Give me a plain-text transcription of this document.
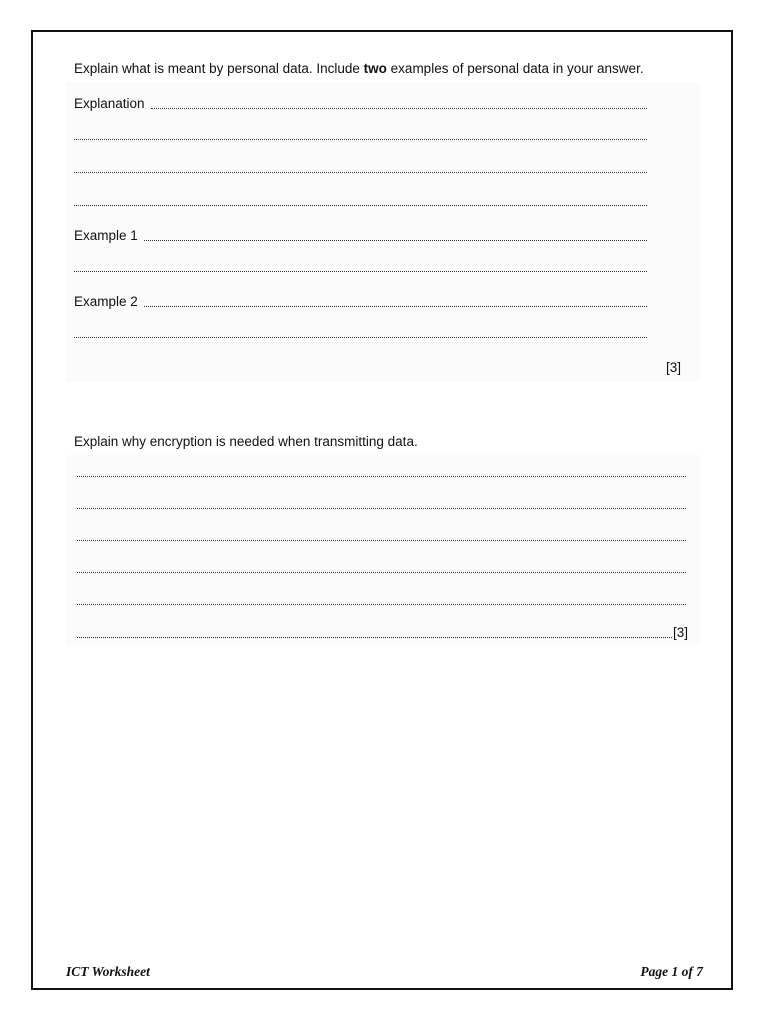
Explain what is meant by personal data. Include two examples of personal data in your answer.
Explanation
Example 1
Example 2
[3]
Explain why encryption is needed when transmitting data.
[3]
ICT Worksheet	Page 1 of 7
